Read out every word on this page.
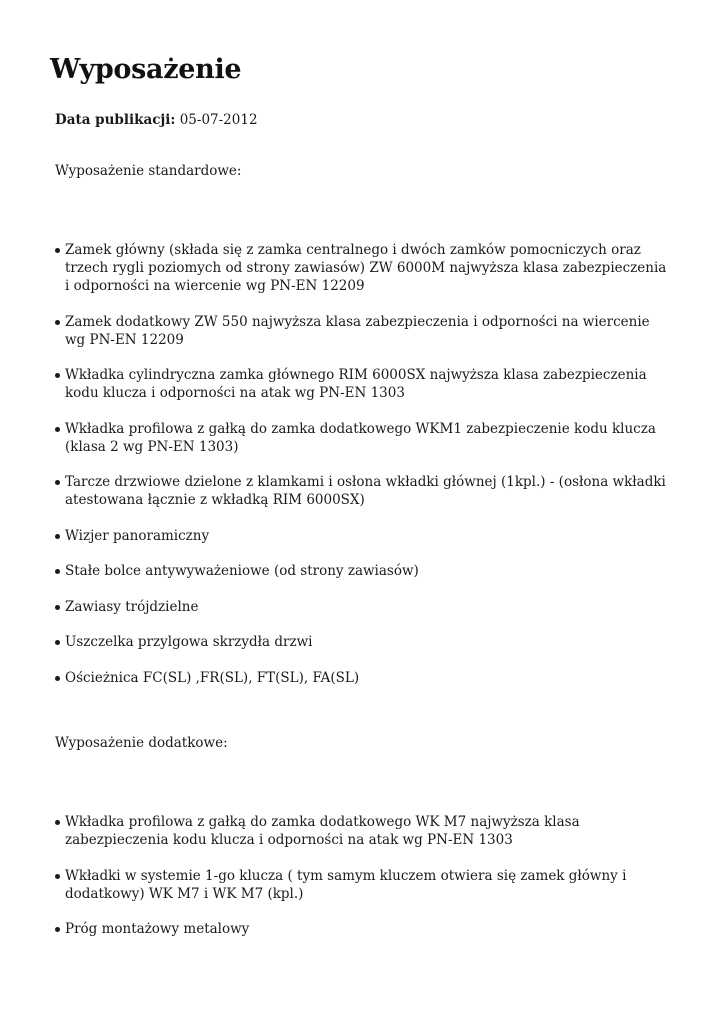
Wyposażenie
Data publikacji: 05-07-2012

Wyposażenie standardowe:

Zamek główny (składa się z zamka centralnego i dwóch zamków pomocniczych oraz trzech rygli poziomych od strony zawiasów) ZW 6000M najwyższa klasa zabezpieczenia i odporności na wiercenie wg PN-EN 12209
Zamek dodatkowy ZW 550 najwyższa klasa zabezpieczenia i odporności na wiercenie wg PN-EN 12209
Wkładka cylindryczna zamka głównego RIM 6000SX najwyższa klasa zabezpieczenia kodu klucza i odporności na atak wg PN-EN 1303
Wkładka profilowa z gałką do zamka dodatkowego WKM1 zabezpieczenie kodu klucza (klasa 2 wg PN-EN 1303)
Tarcze drzwiowe dzielone z klamkami i osłona wkładki głównej (1kpl.) - (osłona wkładki atestowana łącznie z wkładką RIM 6000SX)
Wizjer panoramiczny
Stałe bolce antywyważeniowe (od strony zawiasów)
Zawiasy trójdzielne
Uszczelka przylgowa skrzydła drzwi
Ościeżnica FC(SL) ,FR(SL), FT(SL), FA(SL)

Wyposażenie dodatkowe:

Wkładka profilowa z gałką do zamka dodatkowego WK M7 najwyższa klasa zabezpieczenia kodu klucza i odporności na atak wg PN-EN 1303
Wkładki w systemie 1-go klucza ( tym samym kluczem otwiera się zamek główny i dodatkowy) WK M7 i WK M7 (kpl.)
Próg montażowy metalowy
